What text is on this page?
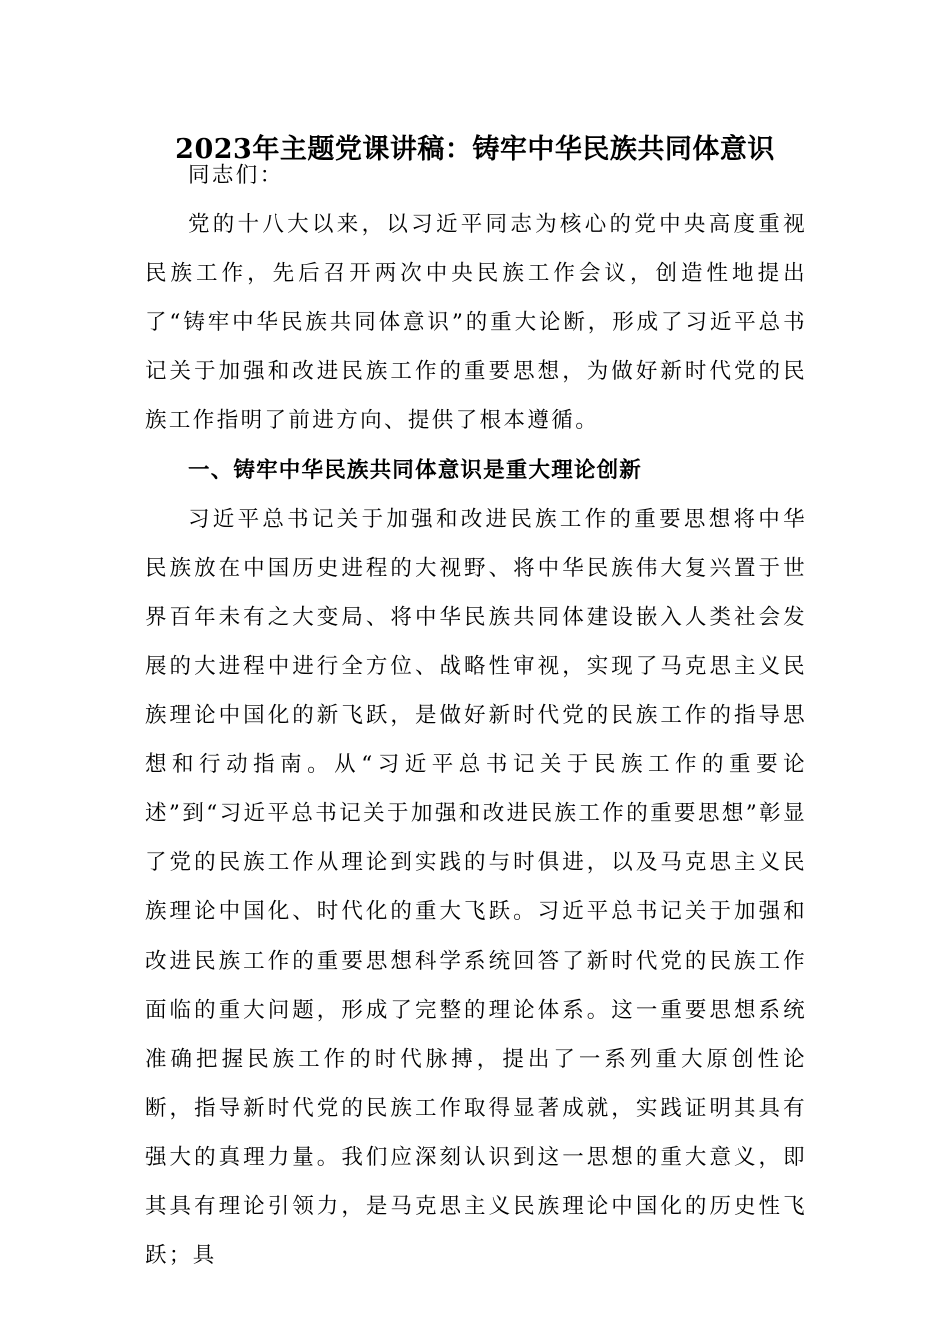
2023年主题党课讲稿：铸牢中华民族共同体意识

同志们：

党的十八大以来，以习近平同志为核心的党中央高度重视民族工作，先后召开两次中央民族工作会议，创造性地提出了“铸牢中华民族共同体意识”的重大论断，形成了习近平总书记关于加强和改进民族工作的重要思想，为做好新时代党的民族工作指明了前进方向、提供了根本遵循。

一、铸牢中华民族共同体意识是重大理论创新

习近平总书记关于加强和改进民族工作的重要思想将中华民族放在中国历史进程的大视野、将中华民族伟大复兴置于世界百年未有之大变局、将中华民族共同体建设嵌入人类社会发展的大进程中进行全方位、战略性审视，实现了马克思主义民族理论中国化的新飞跃，是做好新时代党的民族工作的指导思想和行动指南。从“习近平总书记关于民族工作的重要论述”到“习近平总书记关于加强和改进民族工作的重要思想”彰显了党的民族工作从理论到实践的与时俱进，以及马克思主义民族理论中国化、时代化的重大飞跃。习近平总书记关于加强和改进民族工作的重要思想科学系统回答了新时代党的民族工作面临的重大问题，形成了完整的理论体系。这一重要思想系统准确把握民族工作的时代脉搏，提出了一系列重大原创性论断，指导新时代党的民族工作取得显著成就，实践证明其具有强大的真理力量。我们应深刻认识到这一思想的重大意义，即其具有理论引领力，是马克思主义民族理论中国化的历史性飞跃；具
